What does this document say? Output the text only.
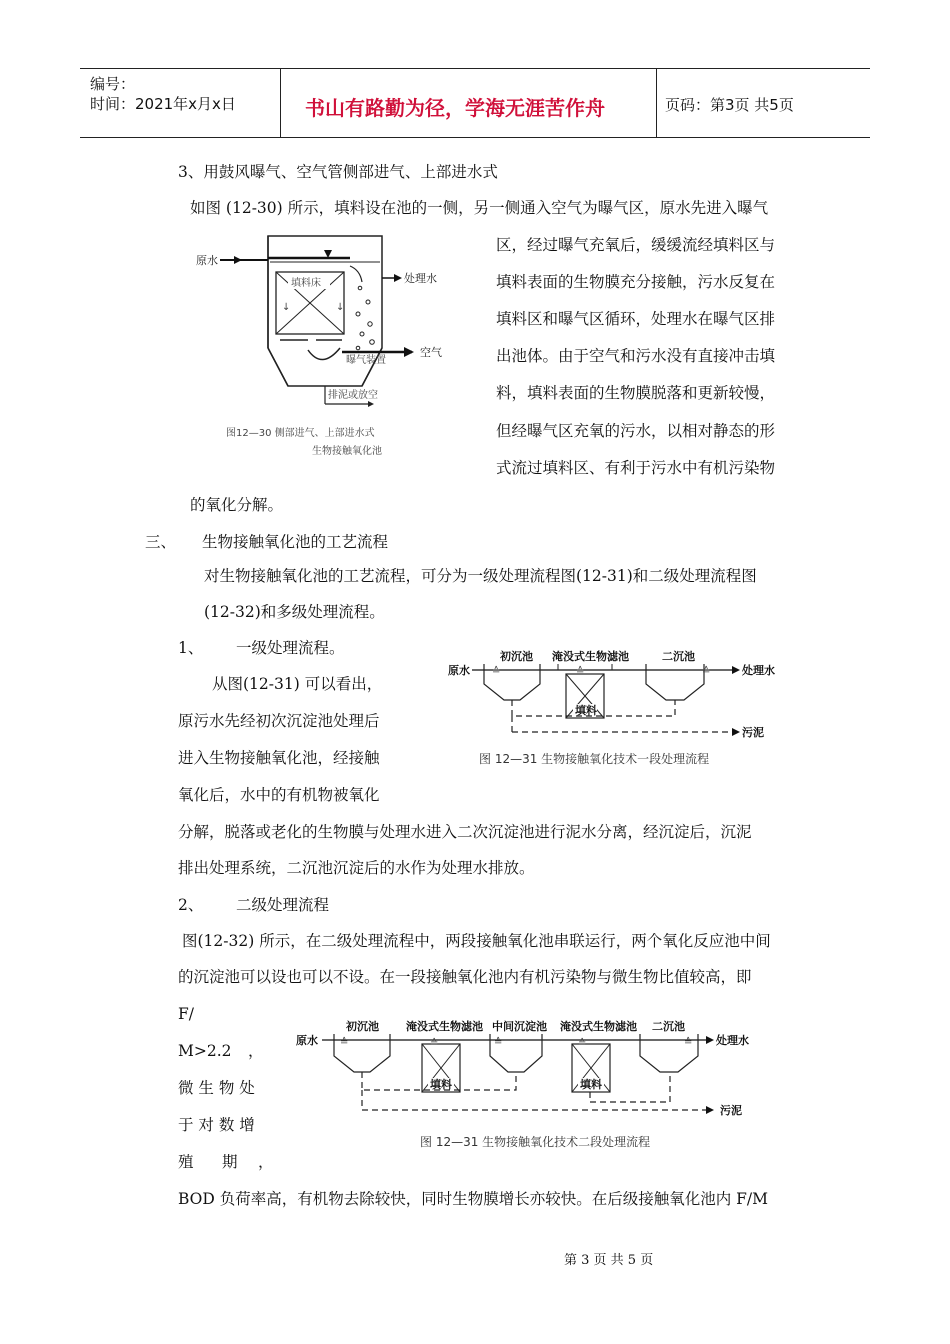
编号：
时间：2021年x月x日	书山有路勤为径，学海无涯苦作舟	页码：第3页 共5页
3、用鼓风曝气、空气管侧部进气、上部进水式
如图 (12-30) 所示，填料设在池的一侧，另一侧通入空气为曝气区，原水先进入曝气
区，经过曝气充氧后，缓缓流经填料区与
填料表面的生物膜充分接触，污水反复在
填料区和曝气区循环，处理水在曝气区排
出池体。由于空气和污水没有直接冲击填
料，填料表面的生物膜脱落和更新较慢，
但经曝气区充氧的污水，以相对静态的形
式流过填料区、有利于污水中有机污染物
的氧化分解。
原水
填料床
↓	↓
处理水
空气
曝气装置
排泥或放空
图12—30 侧部进气、上部进水式
生物接触氧化池
三、 生物接触氧化池的工艺流程
对生物接触氧化池的工艺流程，可分为一级处理流程图(12-31)和二级处理流程图
(12-32)和多级处理流程。
1、 一级处理流程。
从图(12-31) 可以看出，
原污水先经初次沉淀池处理后
进入生物接触氧化池，经接触
氧化后，水中的有机物被氧化
分解，脱落或老化的生物膜与处理水进入二次沉淀池进行泥水分离，经沉淀后，沉泥
排出处理系统，二沉池沉淀后的水作为处理水排放。
初沉池 淹没式生物滤池	二沉池
原水	处理水
≙
填料
≙	≙
污泥
图 12—31 生物接触氧化技术一段处理流程
2、 二级处理流程
图(12-32) 所示，在二级处理流程中，两段接触氧化池串联运行，两个氧化反应池中间
的沉淀池可以设也可以不设。在一段接触氧化池内有机污染物与微生物比值较高，即
F/
M>2.2 ，
微 生 物 处
于 对 数 增
殖 期 ，
BOD 负荷率高，有机物去除较快，同时生物膜增长亦较快。在后级接触氧化池内 F/M
初沉池 淹没式生物滤池 中间沉淀池 淹没式生物滤池 二沉池
原水	处理水
≙
填料
≙	≙
填料
≙	≙
污泥
图 12—31 生物接触氧化技术二段处理流程
第 3 页 共 5 页
